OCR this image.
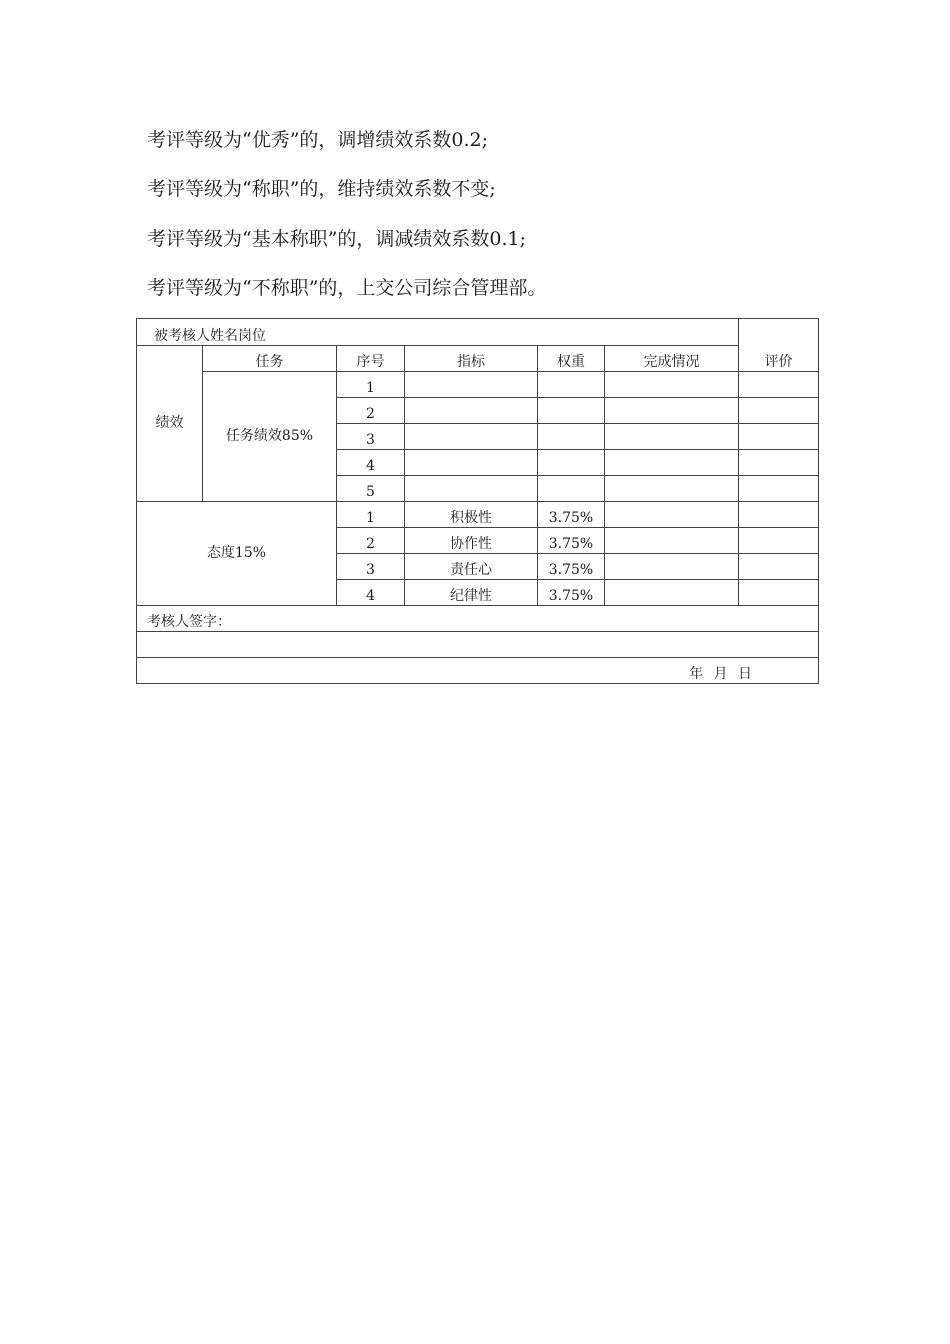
考评等级为“优秀”的，调增绩效系数0.2;
考评等级为“称职”的，维持绩效系数不变;
考评等级为“基本称职”的，调减绩效系数0.1;
考评等级为“不称职”的，上交公司综合管理部。
被考核人姓名岗位						评价
绩效	任务	序号	指标	权重	完成情况	
	任务绩效85%	1				
		2				
		3				
		4				
		5				
态度15%		1	积极性	3.75%		
		2	协作性	3.75%		
		3	责任心	3.75%		
		4	纪律性	3.75%		
考核人签字：						

年 月 日						
